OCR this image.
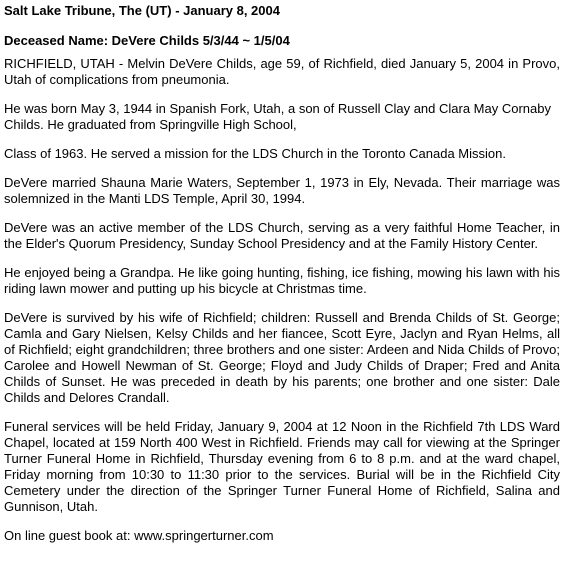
Salt Lake Tribune, The (UT) - January 8, 2004
Deceased Name: DeVere Childs 5/3/44 ~ 1/5/04
RICHFIELD, UTAH - Melvin DeVere Childs, age 59, of Richfield, died January 5, 2004 in Provo, Utah of complications from pneumonia.
He was born May 3, 1944 in Spanish Fork, Utah, a son of Russell Clay and Clara May Cornaby Childs. He graduated from Springville High School,
Class of 1963. He served a mission for the LDS Church in the Toronto Canada Mission.
DeVere married Shauna Marie Waters, September 1, 1973 in Ely, Nevada. Their marriage was solemnized in the Manti LDS Temple, April 30, 1994.
DeVere was an active member of the LDS Church, serving as a very faithful Home Teacher, in the Elder's Quorum Presidency, Sunday School Presidency and at the Family History Center.
He enjoyed being a Grandpa. He like going hunting, fishing, ice fishing, mowing his lawn with his riding lawn mower and putting up his bicycle at Christmas time.
DeVere is survived by his wife of Richfield; children: Russell and Brenda Childs of St. George; Camla and Gary Nielsen, Kelsy Childs and her fiancee, Scott Eyre, Jaclyn and Ryan Helms, all of Richfield; eight grandchildren; three brothers and one sister: Ardeen and Nida Childs of Provo; Carolee and Howell Newman of St. George; Floyd and Judy Childs of Draper; Fred and Anita Childs of Sunset. He was preceded in death by his parents; one brother and one sister: Dale Childs and Delores Crandall.
Funeral services will be held Friday, January 9, 2004 at 12 Noon in the Richfield 7th LDS Ward Chapel, located at 159 North 400 West in Richfield. Friends may call for viewing at the Springer Turner Funeral Home in Richfield, Thursday evening from 6 to 8 p.m. and at the ward chapel, Friday morning from 10:30 to 11:30 prior to the services. Burial will be in the Richfield City Cemetery under the direction of the Springer Turner Funeral Home of Richfield, Salina and Gunnison, Utah.
On line guest book at: www.springerturner.com
